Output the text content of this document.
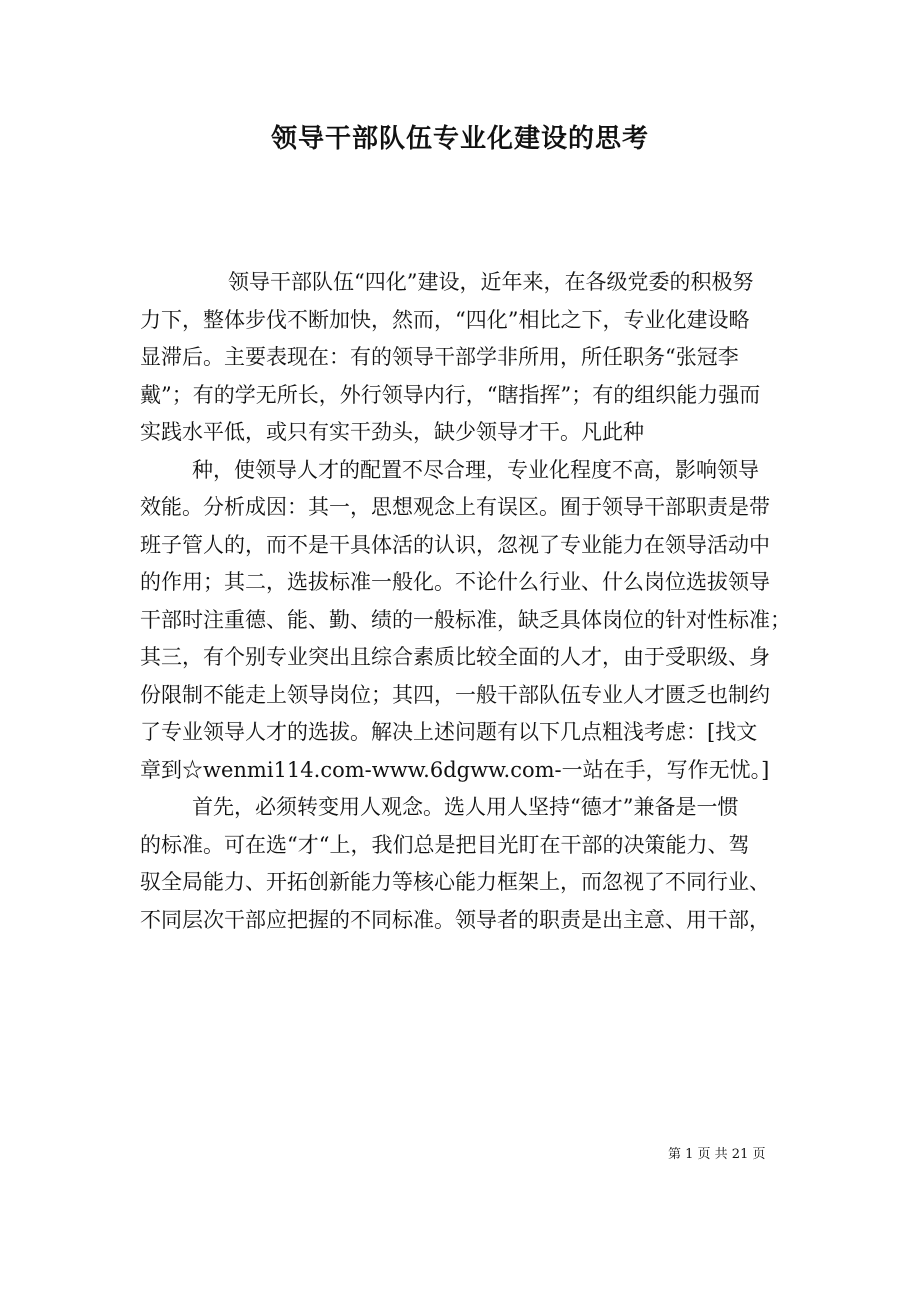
领导干部队伍专业化建设的思考
领导干部队伍“四化”建设，近年来，在各级党委的积极努
力下，整体步伐不断加快，然而，“四化”相比之下，专业化建设略
显滞后。主要表现在：有的领导干部学非所用，所任职务“张冠李
戴”；有的学无所长，外行领导内行，“瞎指挥”；有的组织能力强而
实践水平低，或只有实干劲头，缺少领导才干。凡此种
种，使领导人才的配置不尽合理，专业化程度不高，影响领导
效能。分析成因：其一，思想观念上有误区。囿于领导干部职责是带
班子管人的，而不是干具体活的认识，忽视了专业能力在领导活动中
的作用；其二，选拔标准一般化。不论什么行业、什么岗位选拔领导
干部时注重德、能、勤、绩的一般标准，缺乏具体岗位的针对性标准；
其三，有个别专业突出且综合素质比较全面的人才，由于受职级、身
份限制不能走上领导岗位；其四，一般干部队伍专业人才匮乏也制约
了专业领导人才的选拔。解决上述问题有以下几点粗浅考虑：[找文
章到☆wenmi114.com-www.6dgww.com-一站在手，写作无忧。]
首先，必须转变用人观念。选人用人坚持“德才”兼备是一惯
的标准。可在选“才“上，我们总是把目光盯在干部的决策能力、驾
驭全局能力、开拓创新能力等核心能力框架上，而忽视了不同行业、
不同层次干部应把握的不同标准。领导者的职责是出主意、用干部，
第 1 页 共 21 页
